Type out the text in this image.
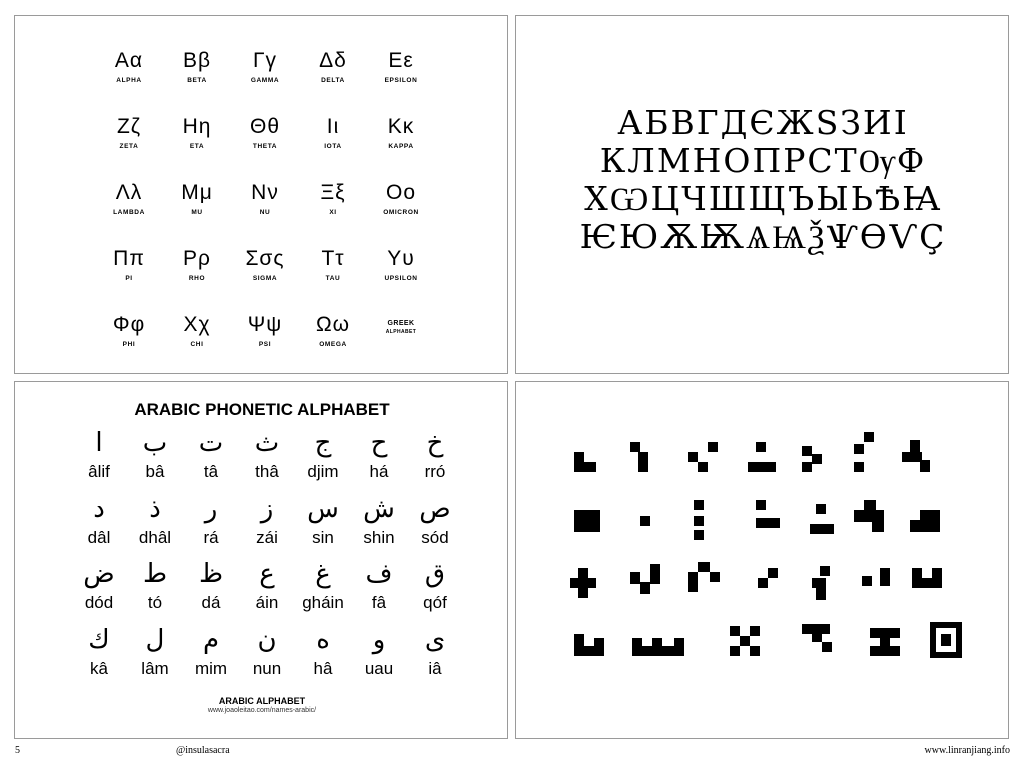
Αα
ALPHA
Ββ
BETA
Γγ
GAMMA
Δδ
DELTA
Εε
EPSILON
Ζζ
ZETA
Ηη
ETA
Θθ
THETA
Ιι
IOTA
Κκ
KAPPA
Λλ
LAMBDA
Μμ
MU
Νν
NU
Ξξ
XI
Οο
OMICRON
Ππ
PI
Ρρ
RHO
Σσς
SIGMA
Ττ
TAU
Υυ
UPSILON
Φφ
PHI
Χχ
CHI
Ψψ
PSI
Ωω
OMEGA
GREEK
ALPHABET
АБВГДЄЖЅЗИІ
КЛМНОПРСТѸФ
ХѠЦЧШЩЪЫЬѢꙖ
ѤЮѪѬѦѨѮѰѲѴҪ
ARABIC PHONETIC ALPHABET
ا
âlif
ب
bâ
ت
tâ
ث
thâ
ج
djim
ح
há
خ
rró
د
dâl
ذ
dhâl
ر
rá
ز
zái
س
sin
ش
shin
ص
sód
ض
dód
ط
tó
ظ
dá
ع
áin
غ
gháin
ف
fâ
ق
qóf
ك
kâ
ل
lâm
م
mim
ن
nun
ه
hâ
و
uau
ى
iâ
ARABIC ALPHABET
www.joaoleitao.com/names-arabic/
5	@insulasacra	www.linranjiang.info
